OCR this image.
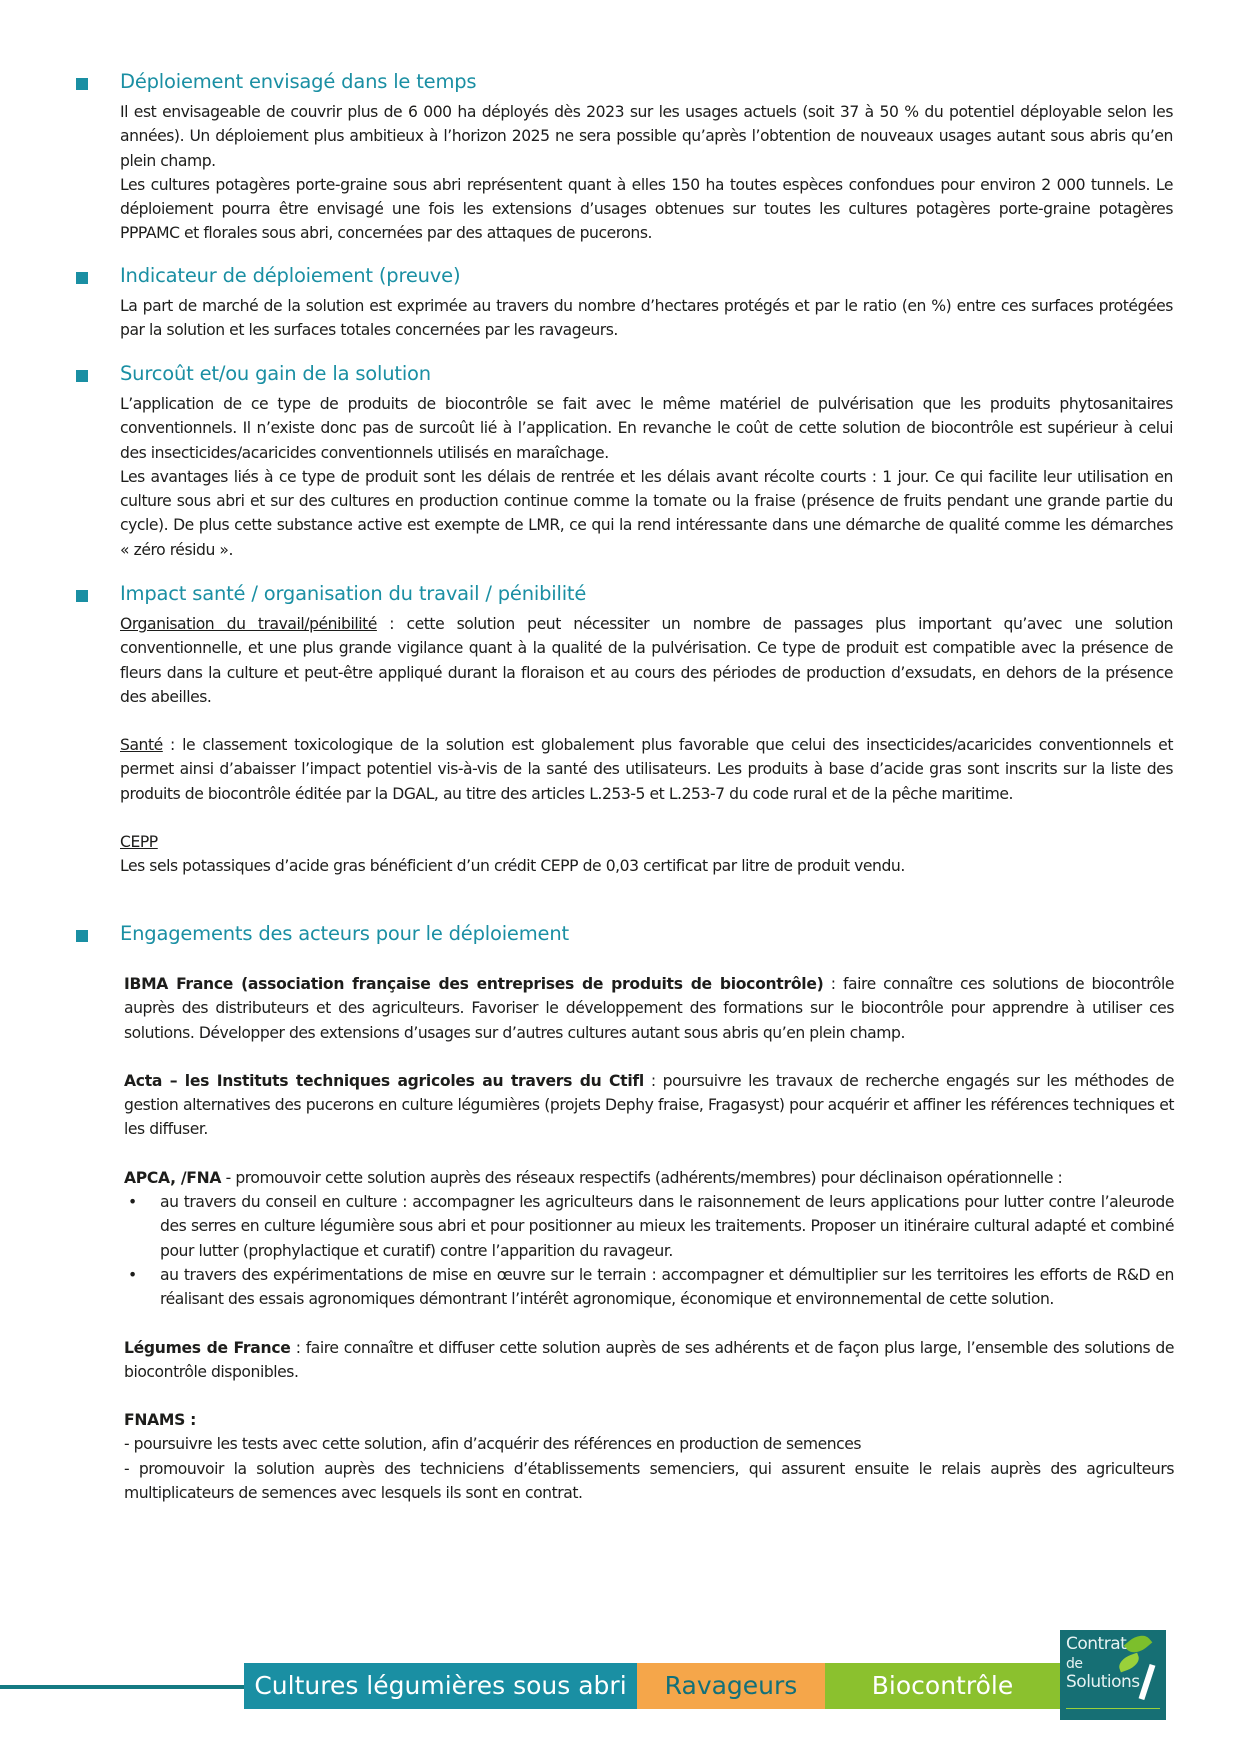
Déploiement envisagé dans le temps

Il est envisageable de couvrir plus de 6 000 ha déployés dès 2023 sur les usages actuels (soit 37 à 50 % du potentiel déployable selon les années). Un déploiement plus ambitieux à l’horizon 2025 ne sera possible qu’après l’obtention de nouveaux usages autant sous abris qu’en plein champ.

Les cultures potagères porte-graine sous abri représentent quant à elles 150 ha toutes espèces confondues pour environ 2 000 tunnels. Le déploiement pourra être envisagé une fois les extensions d’usages obtenues sur toutes les cultures potagères porte-graine potagères PPPAMC et florales sous abri, concernées par des attaques de pucerons.

Indicateur de déploiement (preuve)

La part de marché de la solution est exprimée au travers du nombre d’hectares protégés et par le ratio (en %) entre ces surfaces protégées par la solution et les surfaces totales concernées par les ravageurs.

Surcoût et/ou gain de la solution

L’application de ce type de produits de biocontrôle se fait avec le même matériel de pulvérisation que les produits phytosanitaires conventionnels. Il n’existe donc pas de surcoût lié à l’application. En revanche le coût de cette solution de biocontrôle est supérieur à celui des insecticides/acaricides conventionnels utilisés en maraîchage.

Les avantages liés à ce type de produit sont les délais de rentrée et les délais avant récolte courts : 1 jour. Ce qui facilite leur utilisation en culture sous abri et sur des cultures en production continue comme la tomate ou la fraise (présence de fruits pendant une grande partie du cycle). De plus cette substance active est exempte de LMR, ce qui la rend intéressante dans une démarche de qualité comme les démarches « zéro résidu ».

Impact santé / organisation du travail / pénibilité

Organisation du travail/pénibilité : cette solution peut nécessiter un nombre de passages plus important qu’avec une solution conventionnelle, et une plus grande vigilance quant à la qualité de la pulvérisation. Ce type de produit est compatible avec la présence de fleurs dans la culture et peut-être appliqué durant la floraison et au cours des périodes de production d’exsudats, en dehors de la présence des abeilles.

Santé : le classement toxicologique de la solution est globalement plus favorable que celui des insecticides/acaricides conventionnels et permet ainsi d’abaisser l’impact potentiel vis-à-vis de la santé des utilisateurs. Les produits à base d’acide gras sont inscrits sur la liste des produits de biocontrôle éditée par la DGAL, au titre des articles L.253-5 et L.253-7 du code rural et de la pêche maritime.

CEPP

Les sels potassiques d’acide gras bénéficient d’un crédit CEPP de 0,03 certificat par litre de produit vendu.

Engagements des acteurs pour le déploiement

IBMA France (association française des entreprises de produits de biocontrôle) : faire connaître ces solutions de biocontrôle auprès des distributeurs et des agriculteurs. Favoriser le développement des formations sur le biocontrôle pour apprendre à utiliser ces solutions. Développer des extensions d’usages sur d’autres cultures autant sous abris qu’en plein champ.

Acta – les Instituts techniques agricoles au travers du Ctifl : poursuivre les travaux de recherche engagés sur les méthodes de gestion alternatives des pucerons en culture légumières (projets Dephy fraise, Fragasyst) pour acquérir et affiner les références techniques et les diffuser.

APCA, /FNA - promouvoir cette solution auprès des réseaux respectifs (adhérents/membres) pour déclinaison opérationnelle :

• au travers du conseil en culture : accompagner les agriculteurs dans le raisonnement de leurs applications pour lutter contre l’aleurode des serres en culture légumière sous abri et pour positionner au mieux les traitements. Proposer un itinéraire cultural adapté et combiné pour lutter (prophylactique et curatif) contre l’apparition du ravageur.

• au travers des expérimentations de mise en œuvre sur le terrain : accompagner et démultiplier sur les territoires les efforts de R&D en réalisant des essais agronomiques démontrant l’intérêt agronomique, économique et environnemental de cette solution.

Légumes de France : faire connaître et diffuser cette solution auprès de ses adhérents et de façon plus large, l’ensemble des solutions de biocontrôle disponibles.

FNAMS :

- poursuivre les tests avec cette solution, afin d’acquérir des références en production de semences

- promouvoir la solution auprès des techniciens d’établissements semenciers, qui assurent ensuite le relais auprès des agriculteurs multiplicateurs de semences avec lesquels ils sont en contrat.

Cultures légumières sous abri	Ravageurs	Biocontrôle
Contrat
de
Solutions
